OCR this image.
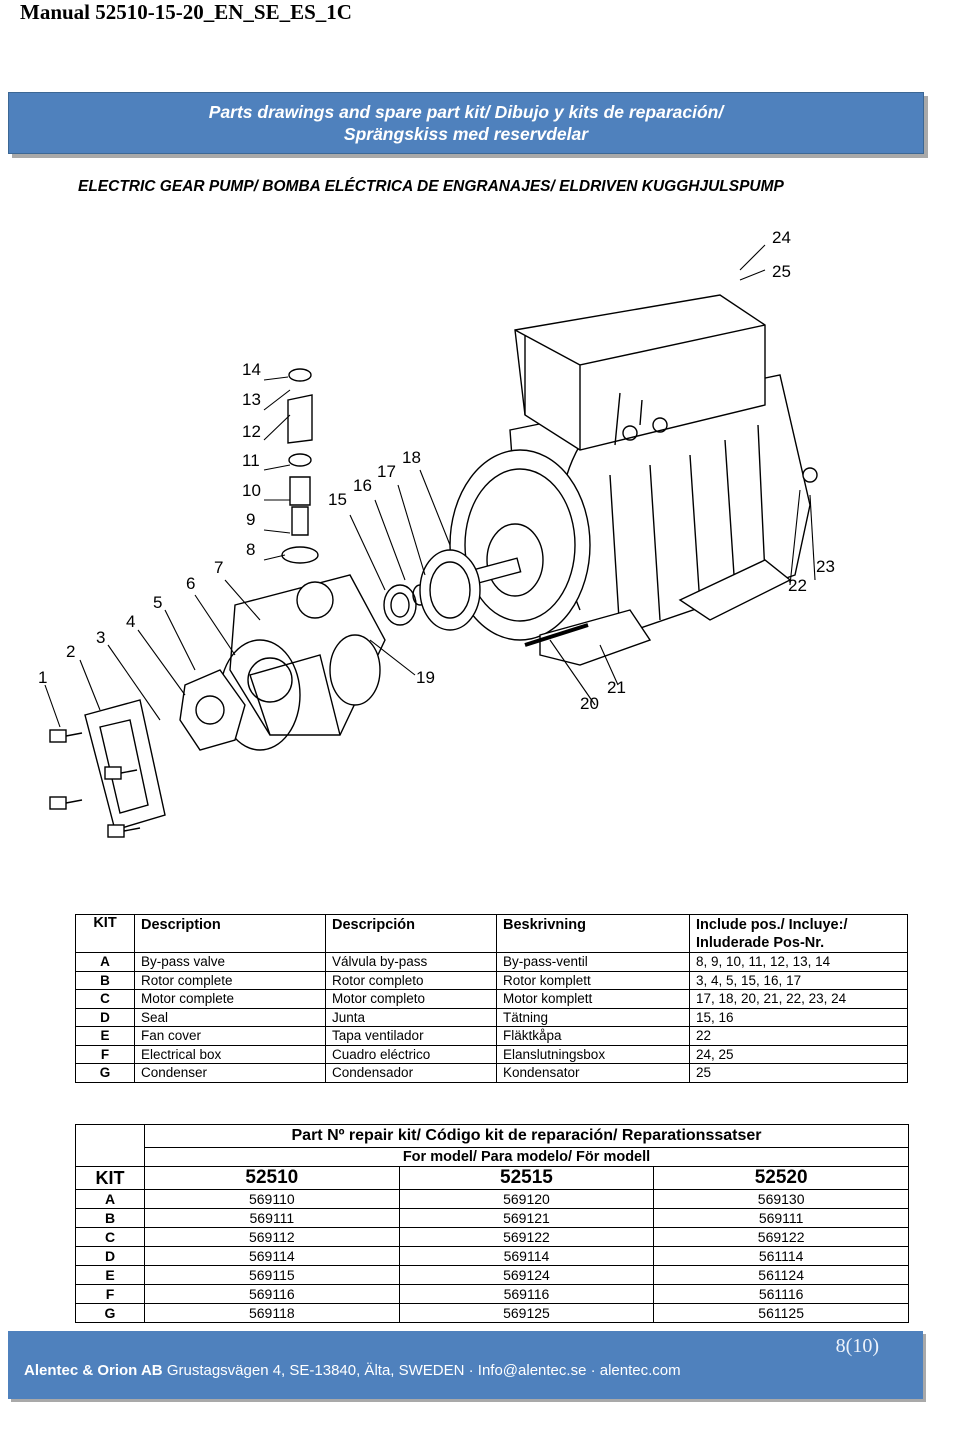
Manual 52510-15-20_EN_SE_ES_1C
Parts drawings and spare part kit/ Dibujo y kits de reparación/
Sprängskiss med reservdelar
ELECTRIC GEAR PUMP/ BOMBA ELÉCTRICA DE ENGRANAJES/ ELDRIVEN KUGGHJULSPUMP
1
2
3
4
5
6
7
8
9
10
11
12
13
14
15
16
17
18
19
20
21
22
23
24
25
KIT	Description	Descripción	Beskrivning	Include pos./ Incluye:/ Inluderade Pos-Nr.
A	By-pass valve	Válvula by-pass	By-pass-ventil	8, 9, 10, 11, 12, 13, 14
B	Rotor complete	Rotor completo	Rotor komplett	3, 4, 5, 15, 16, 17
C	Motor complete	Motor completo	Motor komplett	17, 18, 20, 21, 22, 23, 24
D	Seal	Junta	Tätning	15, 16
E	Fan cover	Tapa ventilador	Fläktkåpa	22
F	Electrical box	Cuadro eléctrico	Elanslutningsbox	24, 25
G	Condenser	Condensador	Kondensator	25
	Part Nº repair kit/ Código kit de reparación/ Reparationssatser		
	For model/ Para modelo/ För modell		
KIT	52510	52515	52520
A	569110	569120	569130
B	569111	569121	569111
C	569112	569122	569122
D	569114	569114	561114
E	569115	569124	561124
F	569116	569116	561116
G	569118	569125	561125
8(10)
Alentec & Orion AB Grustagsvägen 4, SE-13840, Älta, SWEDEN · Info@alentec.se · alentec.com
